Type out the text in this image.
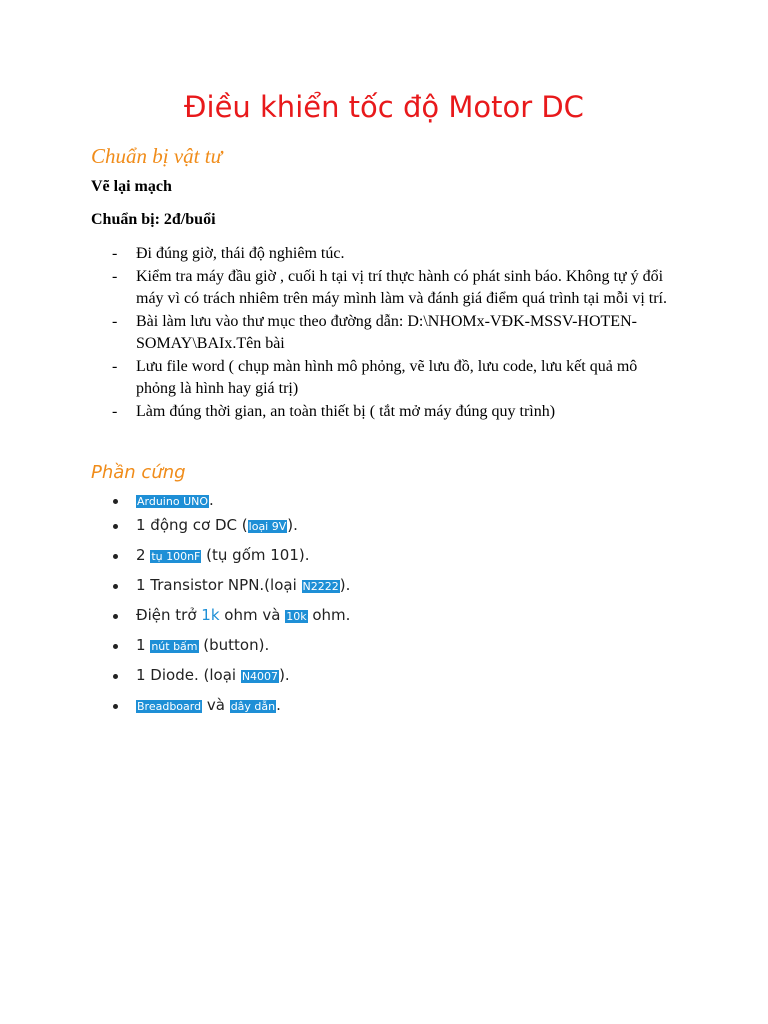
Điều khiển tốc độ Motor DC
Chuẩn bị vật tư

Vẽ lại mạch

Chuẩn bị: 2đ/buổi

- Đi đúng giờ, thái độ nghiêm túc.
- Kiểm tra máy đầu giờ , cuối h tại vị trí thực hành có phát sinh báo. Không tự ý đổi máy vì có trách nhiêm trên máy mình làm và đánh giá điểm quá trình tại mỗi vị trí.
- Bài làm lưu vào thư mục theo đường dẫn: D:\NHOMx-VĐK-MSSV-HOTEN-SOMAY\BAIx.Tên bài
- Lưu file word ( chụp màn hình mô phỏng, vẽ lưu đồ, lưu code, lưu kết quả mô phỏng là hình hay giá trị)
- Làm đúng thời gian, an toàn thiết bị ( tắt mở máy đúng quy trình)
Phần cứng
Arduino UNO.
1 động cơ DC (loại 9V).
2 tụ 100nF (tụ gốm 101).
1 Transistor NPN.(loại N2222).
Điện trở 1k ohm và 10k ohm.
1 nút bấm (button).
1 Diode. (loại N4007).
Breadboard và dây dẫn.
